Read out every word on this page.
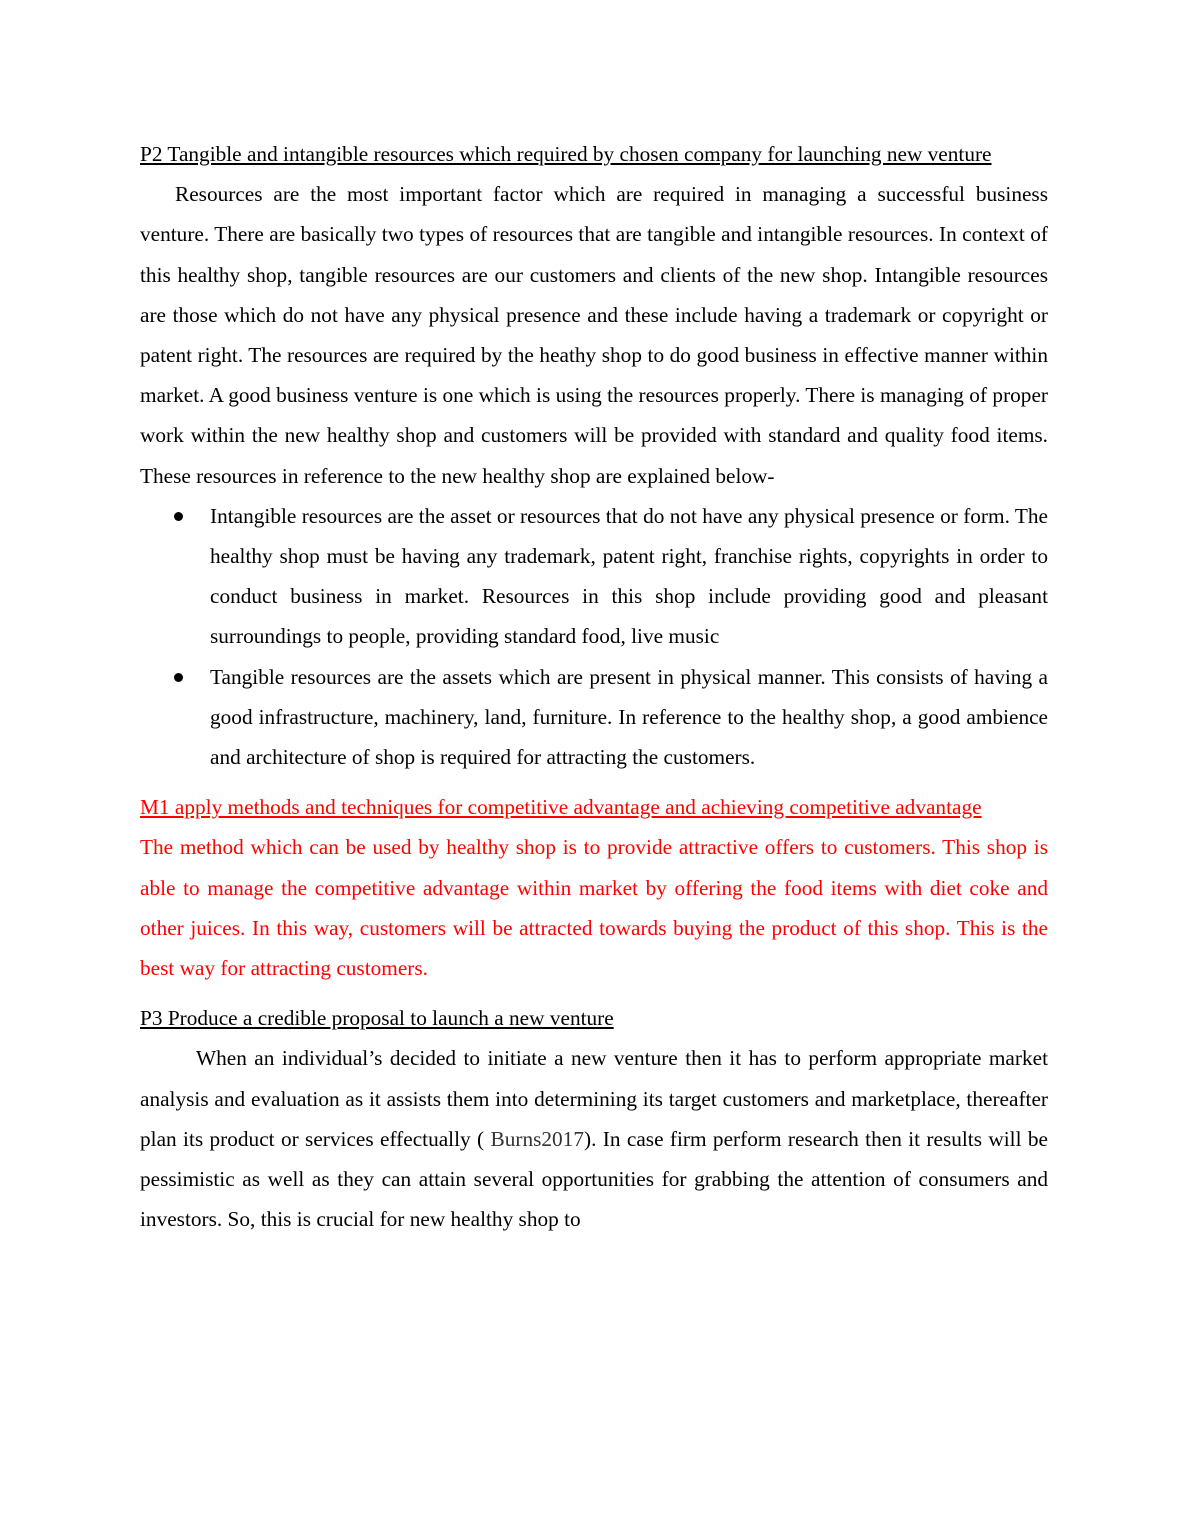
P2 Tangible and intangible resources which required by chosen company for launching new venture

Resources are the most important factor which are required in managing a successful business venture. There are basically two types of resources that are tangible and intangible resources. In context of this healthy shop, tangible resources are our customers and clients of the new shop. Intangible resources are those which do not have any physical presence and these include having a trademark or copyright or patent right. The resources are required by the heathy shop to do good business in effective manner within market. A good business venture is one which is using the resources properly. There is managing of proper work within the new healthy shop and customers will be provided with standard and quality food items. These resources in reference to the new healthy shop are explained below-

Intangible resources are the asset or resources that do not have any physical presence or form. The healthy shop must be having any trademark, patent right, franchise rights, copyrights in order to conduct business in market. Resources in this shop include providing good and pleasant surroundings to people, providing standard food, live music
Tangible resources are the assets which are present in physical manner. This consists of having a good infrastructure, machinery, land, furniture. In reference to the healthy shop, a good ambience and architecture of shop is required for attracting the customers.

M1 apply methods and techniques for competitive advantage and achieving competitive advantage

The method which can be used by healthy shop is to provide attractive offers to customers. This shop is able to manage the competitive advantage within market by offering the food items with diet coke and other juices. In this way, customers will be attracted towards buying the product of this shop. This is the best way for attracting customers.

P3 Produce a credible proposal to launch a new venture

When an individual’s decided to initiate a new venture then it has to perform appropriate market analysis and evaluation as it assists them into determining its target customers and marketplace, thereafter plan its product or services effectually ( Burns2017). In case firm perform research then it results will be pessimistic as well as they can attain several opportunities for grabbing the attention of consumers and investors. So, this is crucial for new healthy shop to
